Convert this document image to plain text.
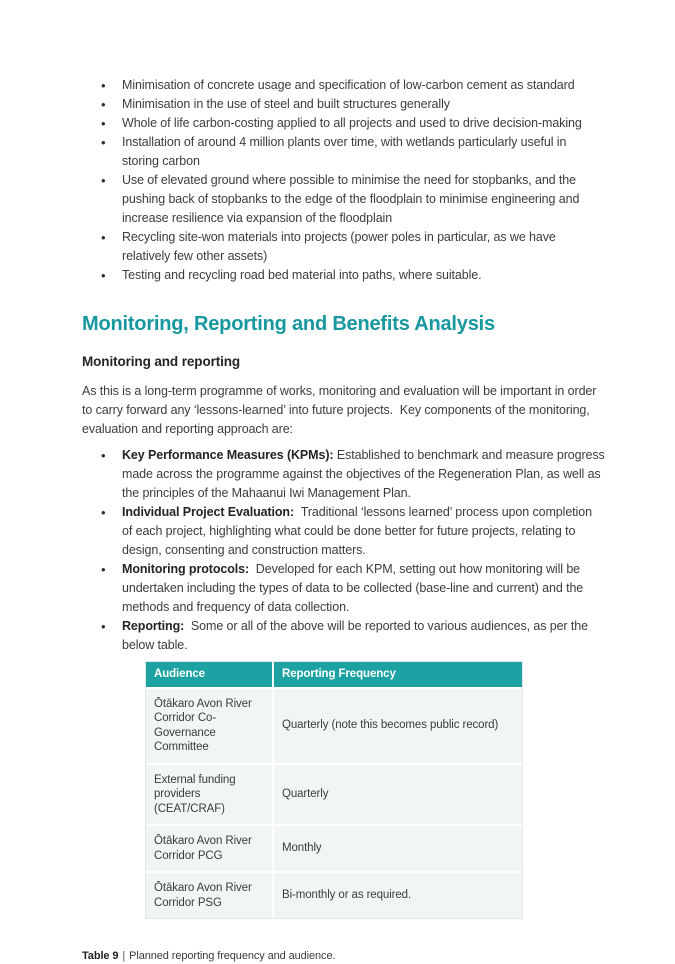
• Minimisation of concrete usage and specification of low-carbon cement as standard
• Minimisation in the use of steel and built structures generally
• Whole of life carbon-costing applied to all projects and used to drive decision-making
• Installation of around 4 million plants over time, with wetlands particularly useful in storing carbon
• Use of elevated ground where possible to minimise the need for stopbanks, and the pushing back of stopbanks to the edge of the floodplain to minimise engineering and increase resilience via expansion of the floodplain
• Recycling site-won materials into projects (power poles in particular, as we have relatively few other assets)
• Testing and recycling road bed material into paths, where suitable.
Monitoring, Reporting and Benefits Analysis
Monitoring and reporting

As this is a long-term programme of works, monitoring and evaluation will be important in order to carry forward any ‘lessons-learned’ into future projects.  Key components of the monitoring, evaluation and reporting approach are:

• Key Performance Measures (KPMs): Established to benchmark and measure progress made across the programme against the objectives of the Regeneration Plan, as well as the principles of the Mahaanui Iwi Management Plan.
• Individual Project Evaluation:  Traditional ‘lessons learned’ process upon completion of each project, highlighting what could be done better for future projects, relating to design, consenting and construction matters.
• Monitoring protocols:  Developed for each KPM, setting out how monitoring will be undertaken including the types of data to be collected (base-line and current) and the methods and frequency of data collection.
• Reporting:  Some or all of the above will be reported to various audiences, as per the below table.
Audience	Reporting Frequency
Ōtākaro Avon River Corridor Co-Governance Committee	Quarterly (note this becomes public record)
External funding providers (CEAT/CRAF)	Quarterly
Ōtākaro Avon River Corridor PCG	Monthly
Ōtākaro Avon River Corridor PSG	Bi-monthly or as required.

Table 9 | Planned reporting frequency and audience.
